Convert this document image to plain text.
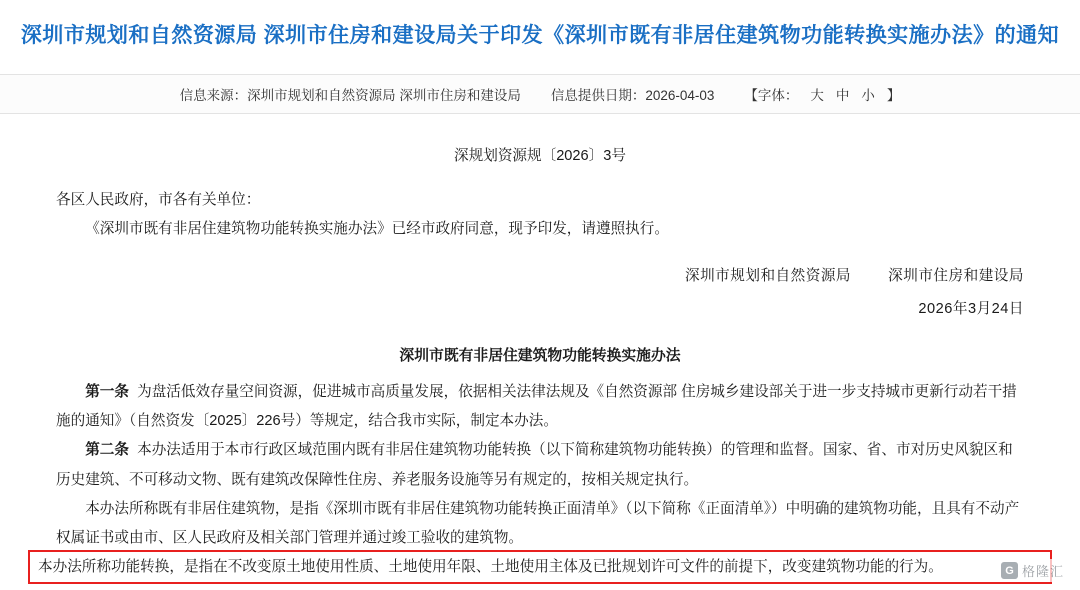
深圳市规划和自然资源局 深圳市住房和建设局关于印发《深圳市既有非居住建筑物功能转换实施办法》的通知
信息来源：深圳市规划和自然资源局 深圳市住房和建设局 信息提供日期：2026-04-03 【字体： 大 中 小 】
深规划资源规〔2026〕3号

各区人民政府，市各有关单位：

《深圳市既有非居住建筑物功能转换实施办法》已经市政府同意，现予印发，请遵照执行。

深圳市规划和自然资源局	深圳市住房和建设局
2026年3月24日
深圳市既有非居住建筑物功能转换实施办法

第一条 为盘活低效存量空间资源，促进城市高质量发展，依据相关法律法规及《自然资源部 住房城乡建设部关于进一步支持城市更新行动若干措施的通知》（自然资发〔2025〕226号）等规定，结合我市实际，制定本办法。

第二条 本办法适用于本市行政区域范围内既有非居住建筑物功能转换（以下简称建筑物功能转换）的管理和监督。国家、省、市对历史风貌区和历史建筑、不可移动文物、既有建筑改保障性住房、养老服务设施等另有规定的，按相关规定执行。

本办法所称既有非居住建筑物，是指《深圳市既有非居住建筑物功能转换正面清单》（以下简称《正面清单》）中明确的建筑物功能，且具有不动产权属证书或由市、区人民政府及相关部门管理并通过竣工验收的建筑物。

本办法所称功能转换，是指在不改变原土地使用性质、土地使用年限、土地使用主体及已批规划许可文件的前提下，改变建筑物功能的行为。	G 格隆汇
